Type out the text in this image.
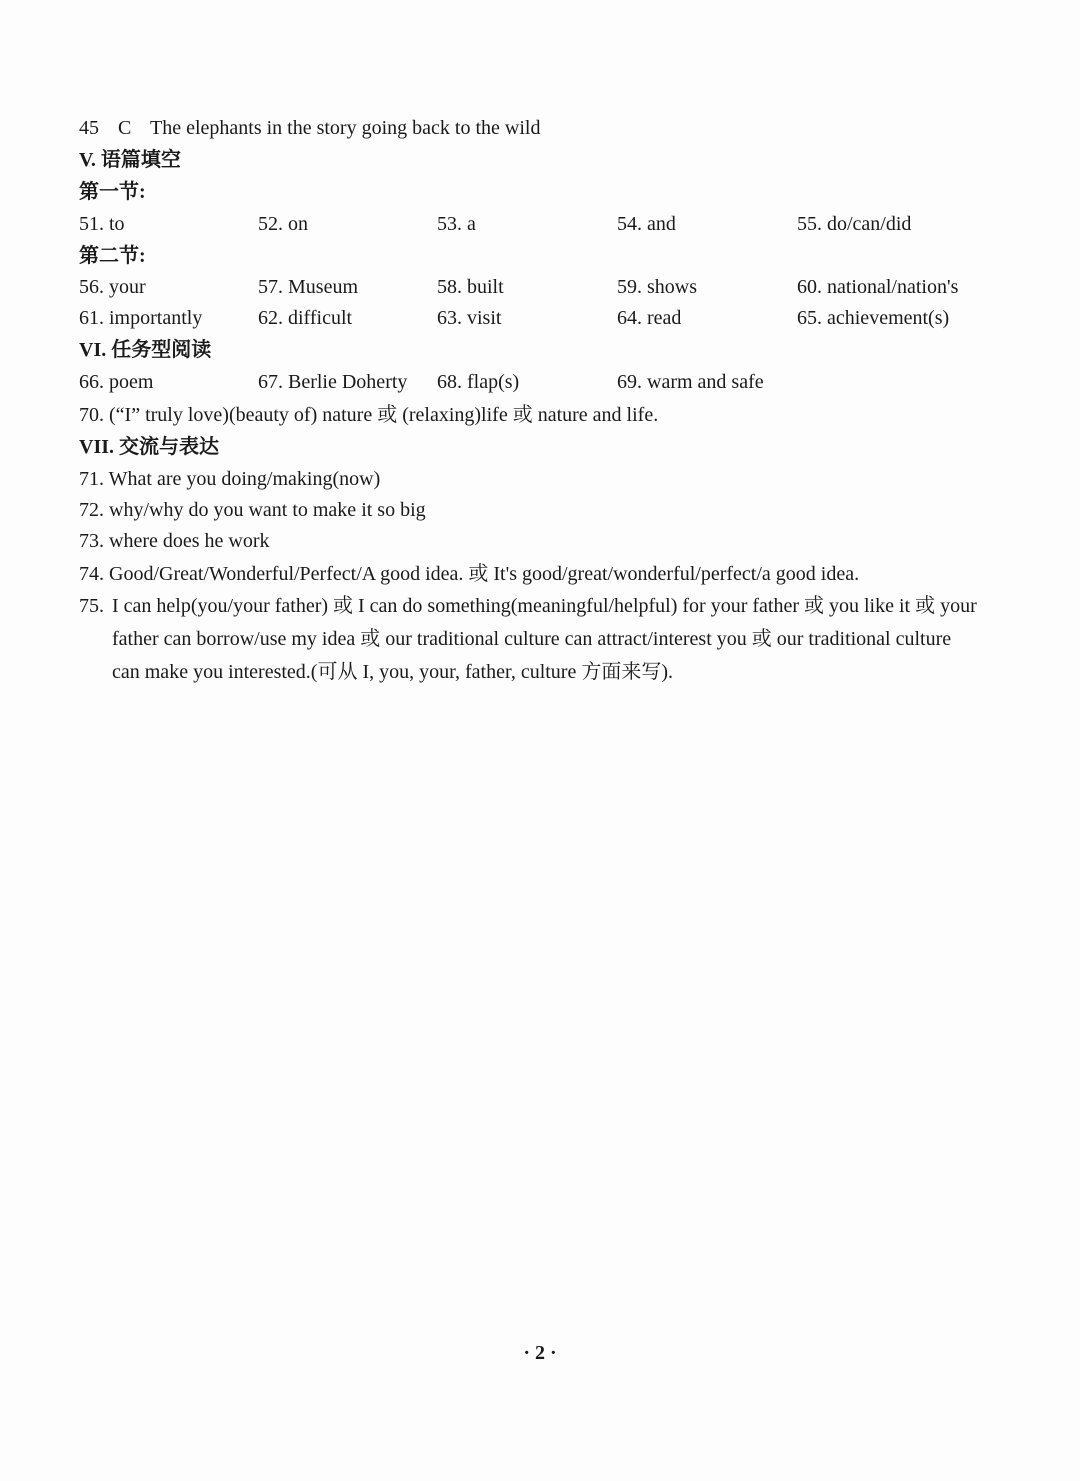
45 C The elephants in the story going back to the wild
V. 语篇填空
第一节:
51. to	52. on	53. a	54. and	55. do/can/did
第二节:
56. your	57. Museum	58. built	59. shows	60. national/nation's
61. importantly	62. difficult	63. visit	64. read	65. achievement(s)
VI. 任务型阅读
66. poem	67. Berlie Doherty 68. flap(s)	69. warm and safe
70. (“I” truly love)(beauty of) nature 或 (relaxing)life 或 nature and life.
VII. 交流与表达
71. What are you doing/making(now)
72. why/why do you want to make it so big
73. where does he work
74. Good/Great/Wonderful/Perfect/A good idea. 或 It's good/great/wonderful/perfect/a good idea.
75. I can help(you/your father) 或 I can do something(meaningful/helpful) for your father 或 you like it 或 your
father can borrow/use my idea 或 our traditional culture can attract/interest you 或 our traditional culture
can make you interested.(可从 I, you, your, father, culture 方面来写).
· 2 ·
